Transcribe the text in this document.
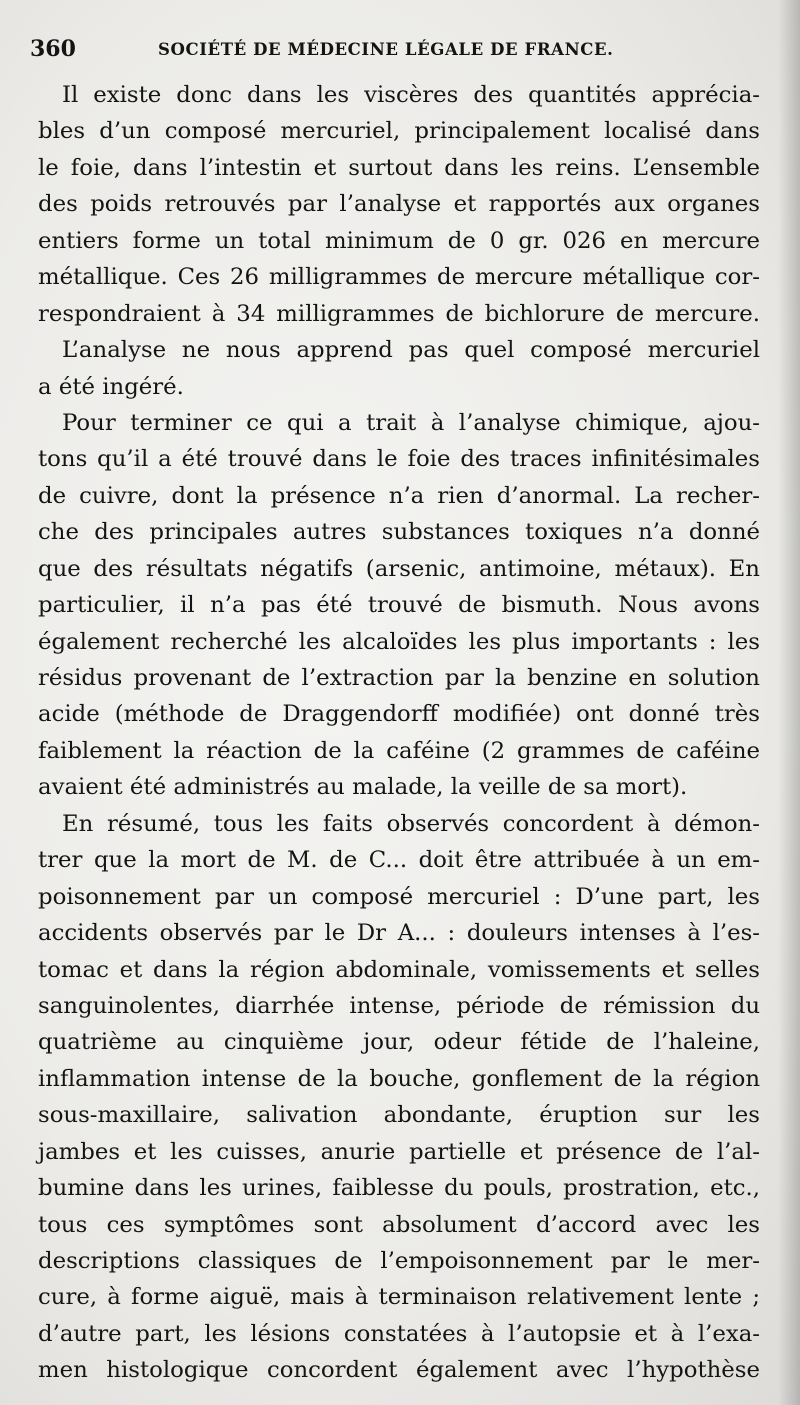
360	SOCIÉTÉ DE MÉDECINE LÉGALE DE FRANCE.
Il existe donc dans les viscères des quantités apprécia-
bles d’un composé mercuriel, principalement localisé dans
le foie, dans l’intestin et surtout dans les reins. L’ensemble
des poids retrouvés par l’analyse et rapportés aux organes
entiers forme un total minimum de 0 gr. 026 en mercure
métallique. Ces 26 milligrammes de mercure métallique cor-
respondraient à 34 milligrammes de bichlorure de mercure.
L’analyse ne nous apprend pas quel composé mercuriel
a été ingéré.
Pour terminer ce qui a trait à l’analyse chimique, ajou-
tons qu’il a été trouvé dans le foie des traces infinitésimales
de cuivre, dont la présence n’a rien d’anormal. La recher-
che des principales autres substances toxiques n’a donné
que des résultats négatifs (arsenic, antimoine, métaux). En
particulier, il n’a pas été trouvé de bismuth. Nous avons
également recherché les alcaloïdes les plus importants : les
résidus provenant de l’extraction par la benzine en solution
acide (méthode de Draggendorff modifiée) ont donné très
faiblement la réaction de la caféine (2 grammes de caféine
avaient été administrés au malade, la veille de sa mort).
En résumé, tous les faits observés concordent à démon-
trer que la mort de M. de C... doit être attribuée à un em-
poisonnement par un composé mercuriel : D’une part, les
accidents observés par le Dr A... : douleurs intenses à l’es-
tomac et dans la région abdominale, vomissements et selles
sanguinolentes, diarrhée intense, période de rémission du
quatrième au cinquième jour, odeur fétide de l’haleine,
inflammation intense de la bouche, gonflement de la région
sous-maxillaire, salivation abondante, éruption sur les
jambes et les cuisses, anurie partielle et présence de l’al-
bumine dans les urines, faiblesse du pouls, prostration, etc.,
tous ces symptômes sont absolument d’accord avec les
descriptions classiques de l’empoisonnement par le mer-
cure, à forme aiguë, mais à terminaison relativement lente ;
d’autre part, les lésions constatées à l’autopsie et à l’exa-
men histologique concordent également avec l’hypothèse
